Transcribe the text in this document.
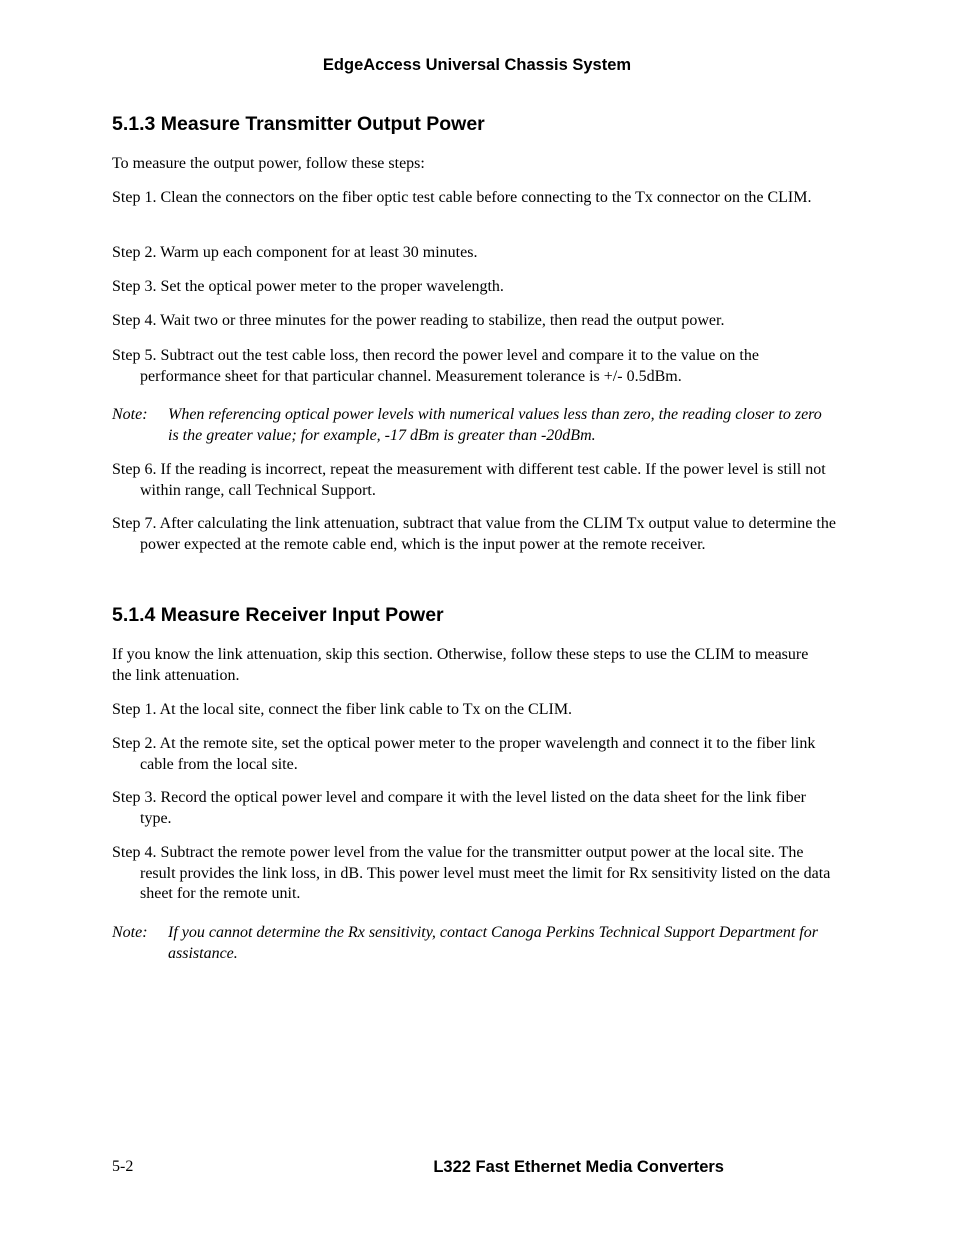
EdgeAccess Universal Chassis System
5.1.3 Measure Transmitter Output Power

To measure the output power, follow these steps:

Step 1. Clean the connectors on the fiber optic test cable before connecting to the Tx connector on the CLIM.

Step 2. Warm up each component for at least 30 minutes.

Step 3. Set the optical power meter to the proper wavelength.

Step 4. Wait two or three minutes for the power reading to stabilize, then read the output power.

Step 5. Subtract out the test cable loss, then record the power level and compare it to the value on the performance sheet for that particular channel. Measurement tolerance is +/- 0.5dBm.

Note: When referencing optical power levels with numerical values less than zero, the reading closer to zero is the greater value; for example, -17 dBm is greater than -20dBm.

Step 6. If the reading is incorrect, repeat the measurement with different test cable. If the power level is still not within range, call Technical Support.

Step 7. After calculating the link attenuation, subtract that value from the CLIM Tx output value to determine the power expected at the remote cable end, which is the input power at the remote receiver.

5.1.4 Measure Receiver Input Power

If you know the link attenuation, skip this section. Otherwise, follow these steps to use the CLIM to measure the link attenuation.

Step 1. At the local site, connect the fiber link cable to Tx on the CLIM.

Step 2. At the remote site, set the optical power meter to the proper wavelength and connect it to the fiber link cable from the local site.

Step 3. Record the optical power level and compare it with the level listed on the data sheet for the link fiber type.

Step 4. Subtract the remote power level from the value for the transmitter output power at the local site. The result provides the link loss, in dB. This power level must meet the limit for Rx sensitivity listed on the data sheet for the remote unit.

Note: If you cannot determine the Rx sensitivity, contact Canoga Perkins Technical Support Department for assistance.
5-2	L322 Fast Ethernet Media Converters
